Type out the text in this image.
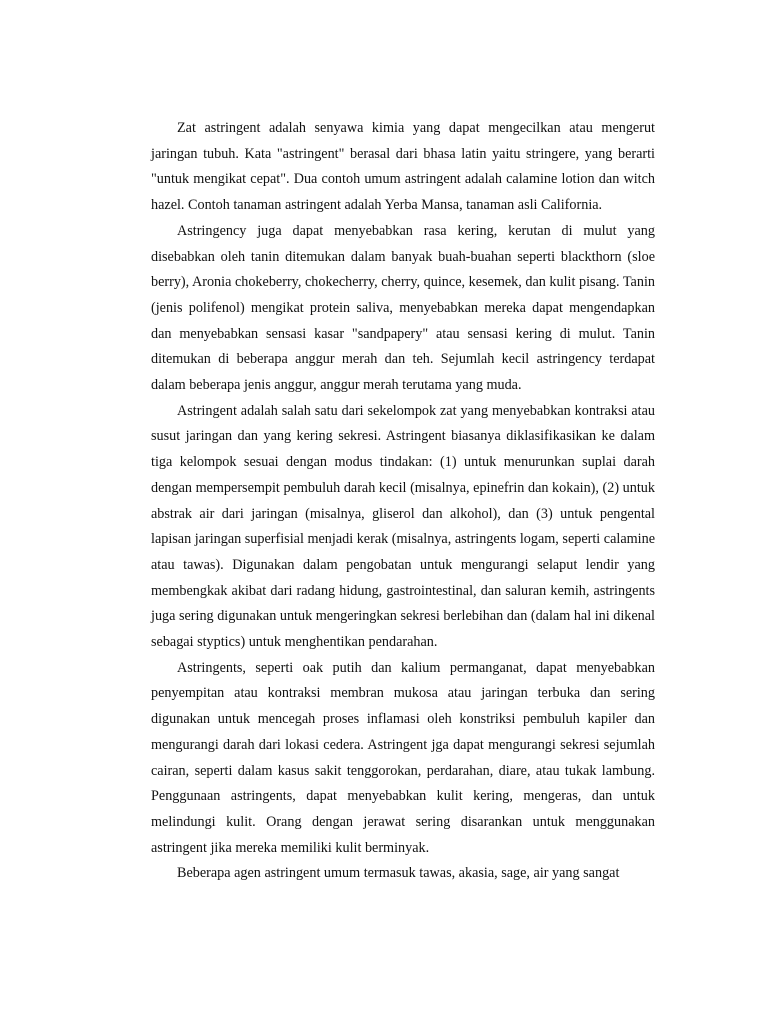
Zat astringent adalah senyawa kimia yang dapat mengecilkan atau mengerut jaringan tubuh. Kata "astringent" berasal dari bhasa latin yaitu stringere, yang berarti "untuk mengikat cepat". Dua contoh umum astringent adalah calamine lotion dan witch hazel. Contoh tanaman astringent adalah Yerba Mansa, tanaman asli California.

Astringency juga dapat menyebabkan rasa kering, kerutan di mulut yang disebabkan oleh tanin ditemukan dalam banyak buah-buahan seperti blackthorn (sloe berry), Aronia chokeberry, chokecherry, cherry, quince, kesemek, dan kulit pisang. Tanin (jenis polifenol) mengikat protein saliva, menyebabkan mereka dapat mengendapkan dan menyebabkan sensasi kasar "sandpapery" atau sensasi kering di mulut. Tanin ditemukan di beberapa anggur merah dan teh. Sejumlah kecil astringency terdapat dalam beberapa jenis anggur, anggur merah terutama yang muda.

Astringent adalah salah satu dari sekelompok zat yang menyebabkan kontraksi atau susut jaringan dan yang kering sekresi. Astringent biasanya diklasifikasikan ke dalam tiga kelompok sesuai dengan modus tindakan: (1) untuk menurunkan suplai darah dengan mempersempit pembuluh darah kecil (misalnya, epinefrin dan kokain), (2) untuk abstrak air dari jaringan (misalnya, gliserol dan alkohol), dan (3) untuk pengental lapisan jaringan superfisial menjadi kerak (misalnya, astringents logam, seperti calamine atau tawas). Digunakan dalam pengobatan untuk mengurangi selaput lendir yang membengkak akibat dari radang hidung, gastrointestinal, dan saluran kemih, astringents juga sering digunakan untuk mengeringkan sekresi berlebihan dan (dalam hal ini dikenal sebagai styptics) untuk menghentikan pendarahan.

Astringents, seperti oak putih dan kalium permanganat, dapat menyebabkan penyempitan atau kontraksi membran mukosa atau jaringan terbuka dan sering digunakan untuk mencegah proses inflamasi oleh konstriksi pembuluh kapiler dan mengurangi darah dari lokasi cedera. Astringent jga dapat mengurangi sekresi sejumlah cairan, seperti dalam kasus sakit tenggorokan, perdarahan, diare, atau tukak lambung. Penggunaan astringents, dapat menyebabkan kulit kering, mengeras, dan untuk melindungi kulit. Orang dengan jerawat sering disarankan untuk menggunakan astringent jika mereka memiliki kulit berminyak.

Beberapa agen astringent umum termasuk tawas, akasia, sage, air yang sangat
